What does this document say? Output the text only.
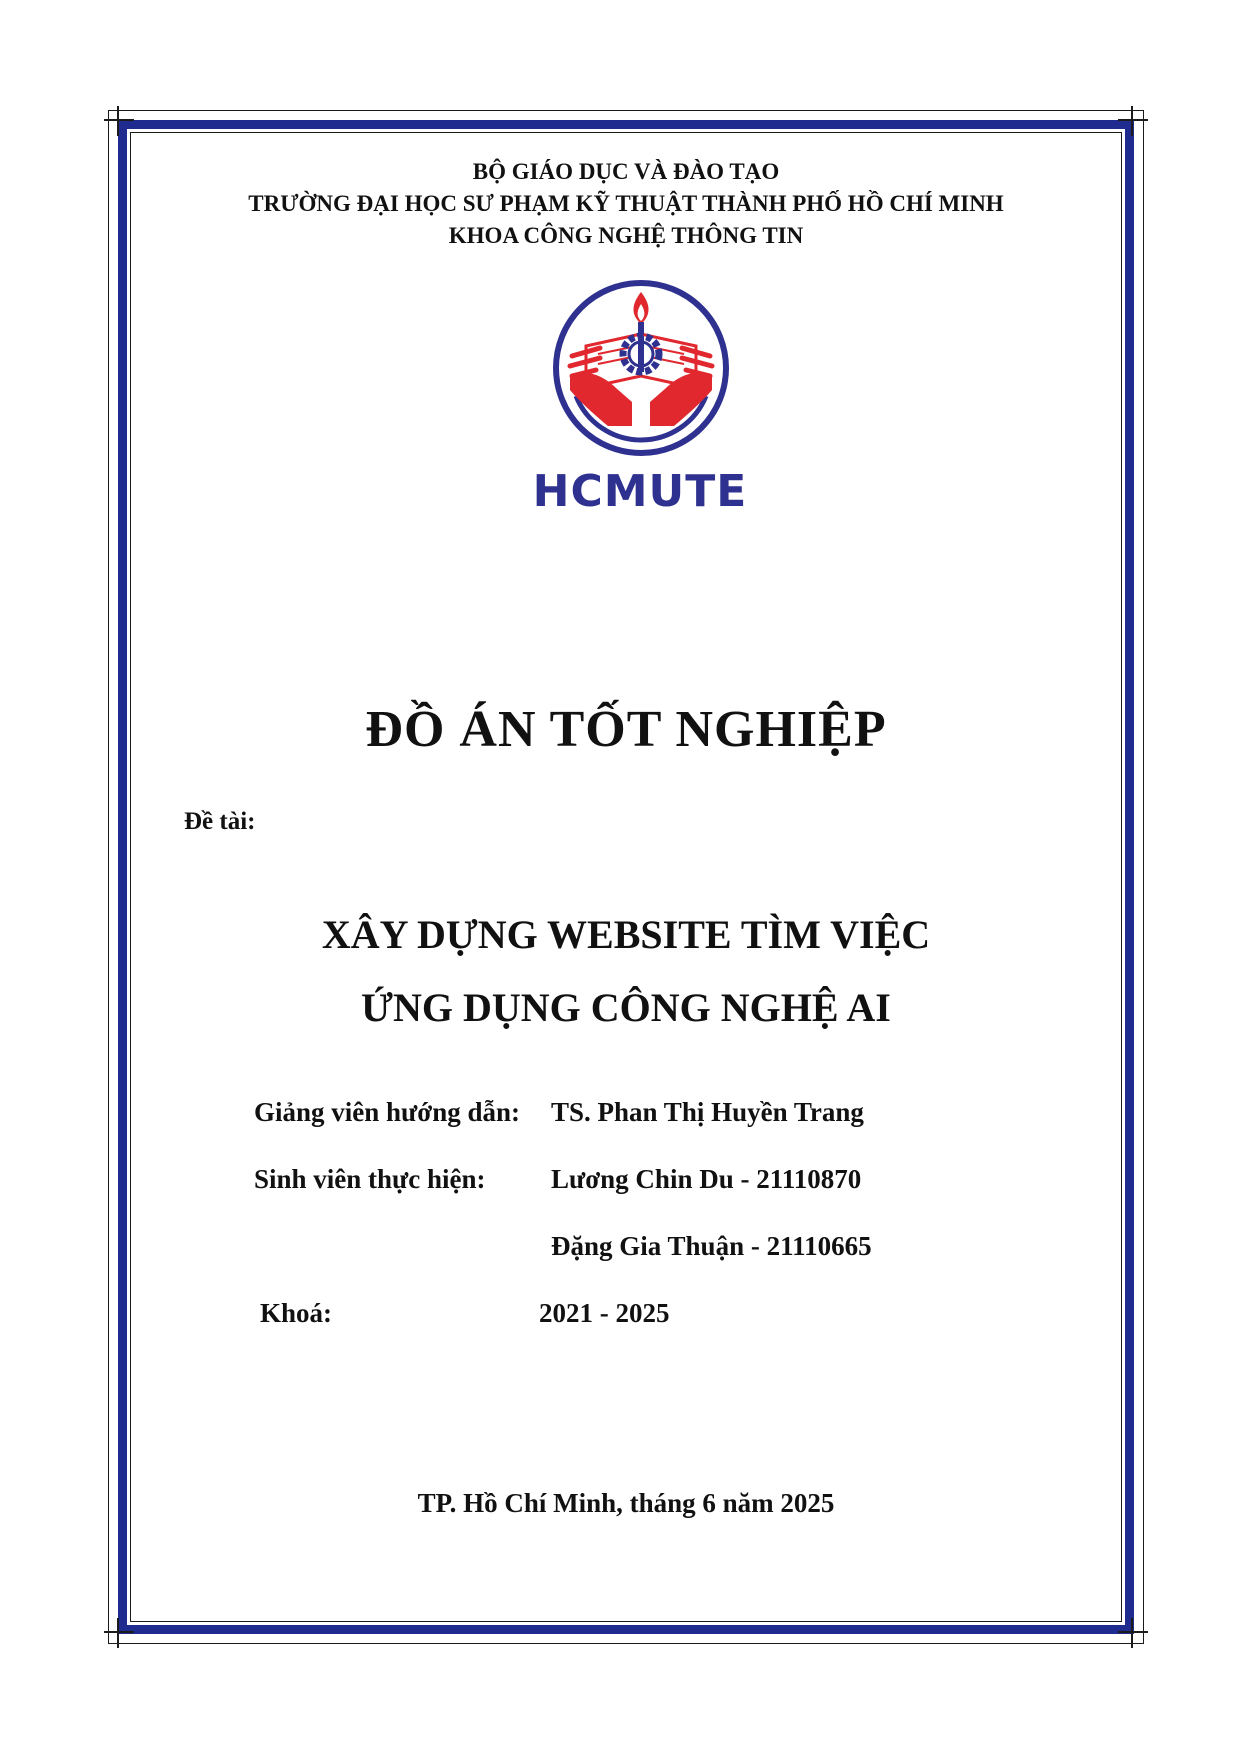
BỘ GIÁO DỤC VÀ ĐÀO TẠO
TRƯỜNG ĐẠI HỌC SƯ PHẠM KỸ THUẬT THÀNH PHỐ HỒ CHÍ MINH
KHOA CÔNG NGHỆ THÔNG TIN
HCMUTE
ĐỒ ÁN TỐT NGHIỆP
Đề tài:
XÂY DỰNG WEBSITE TÌM VIỆC
ỨNG DỤNG CÔNG NGHỆ AI
Giảng viên hướng dẫn: TS. Phan Thị Huyền Trang
Sinh viên thực hiện: Lương Chin Du - 21110870
Đặng Gia Thuận - 21110665
Khoá:	2021 - 2025
TP. Hồ Chí Minh, tháng 6 năm 2025
